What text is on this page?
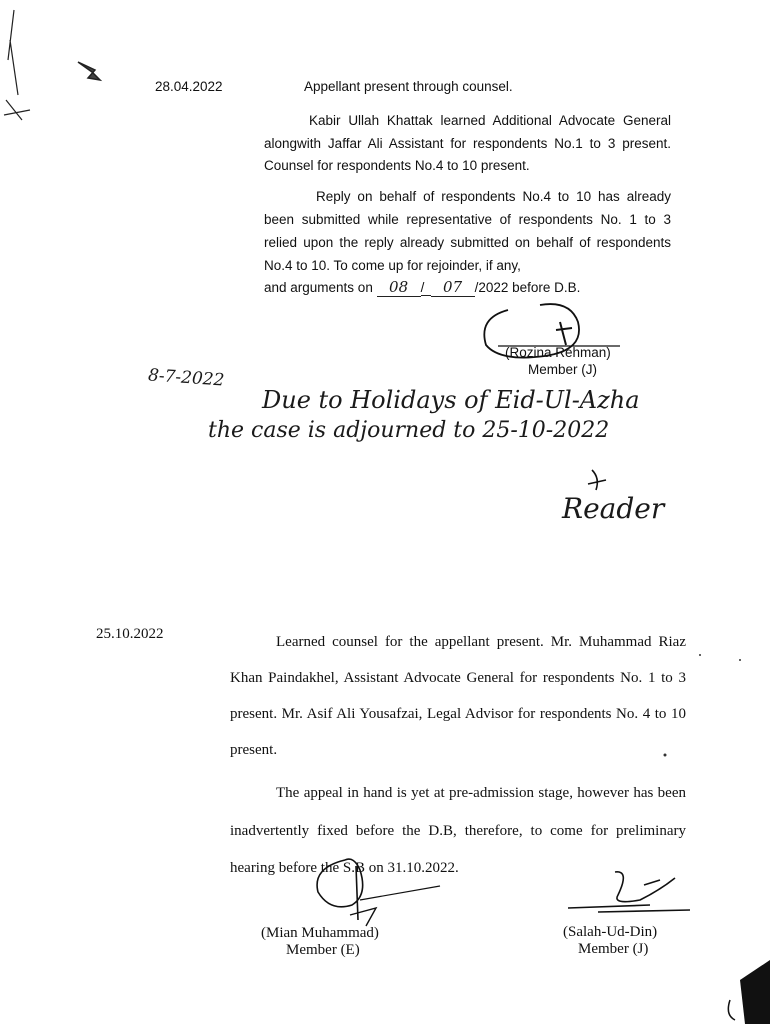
28.04.2022	Appellant present through counsel.
Kabir Ullah Khattak learned Additional Advocate General alongwith Jaffar Ali Assistant for respondents No.1 to 3 present. Counsel for respondents No.4 to 10 present.
Reply on behalf of respondents No.4 to 10 has already been submitted while representative of respondents No. 1 to 3 relied upon the reply already submitted on behalf of respondents No.4 to 10. To come up for rejoinder, if any,
and arguments on 08 / 07 /2022 before D.B.
(Rozina Rehman)
Member (J)
8-7-2022
Due to Holidays of Eid-Ul-Azha
the case is adjourned to 25-10-2022
Reader
25.10.2022	Learned counsel for the appellant present. Mr. Muhammad Riaz Khan Paindakhel, Assistant Advocate General for respondents No. 1 to 3 present. Mr. Asif Ali Yousafzai, Legal Advisor for respondents No. 4 to 10 present.
The appeal in hand is yet at pre-admission stage, however has been inadvertently fixed before the D.B, therefore, to come for preliminary hearing before the S.B on 31.10.2022.
(Mian Muhammad)
Member (E)
(Salah-Ud-Din)
Member (J)
